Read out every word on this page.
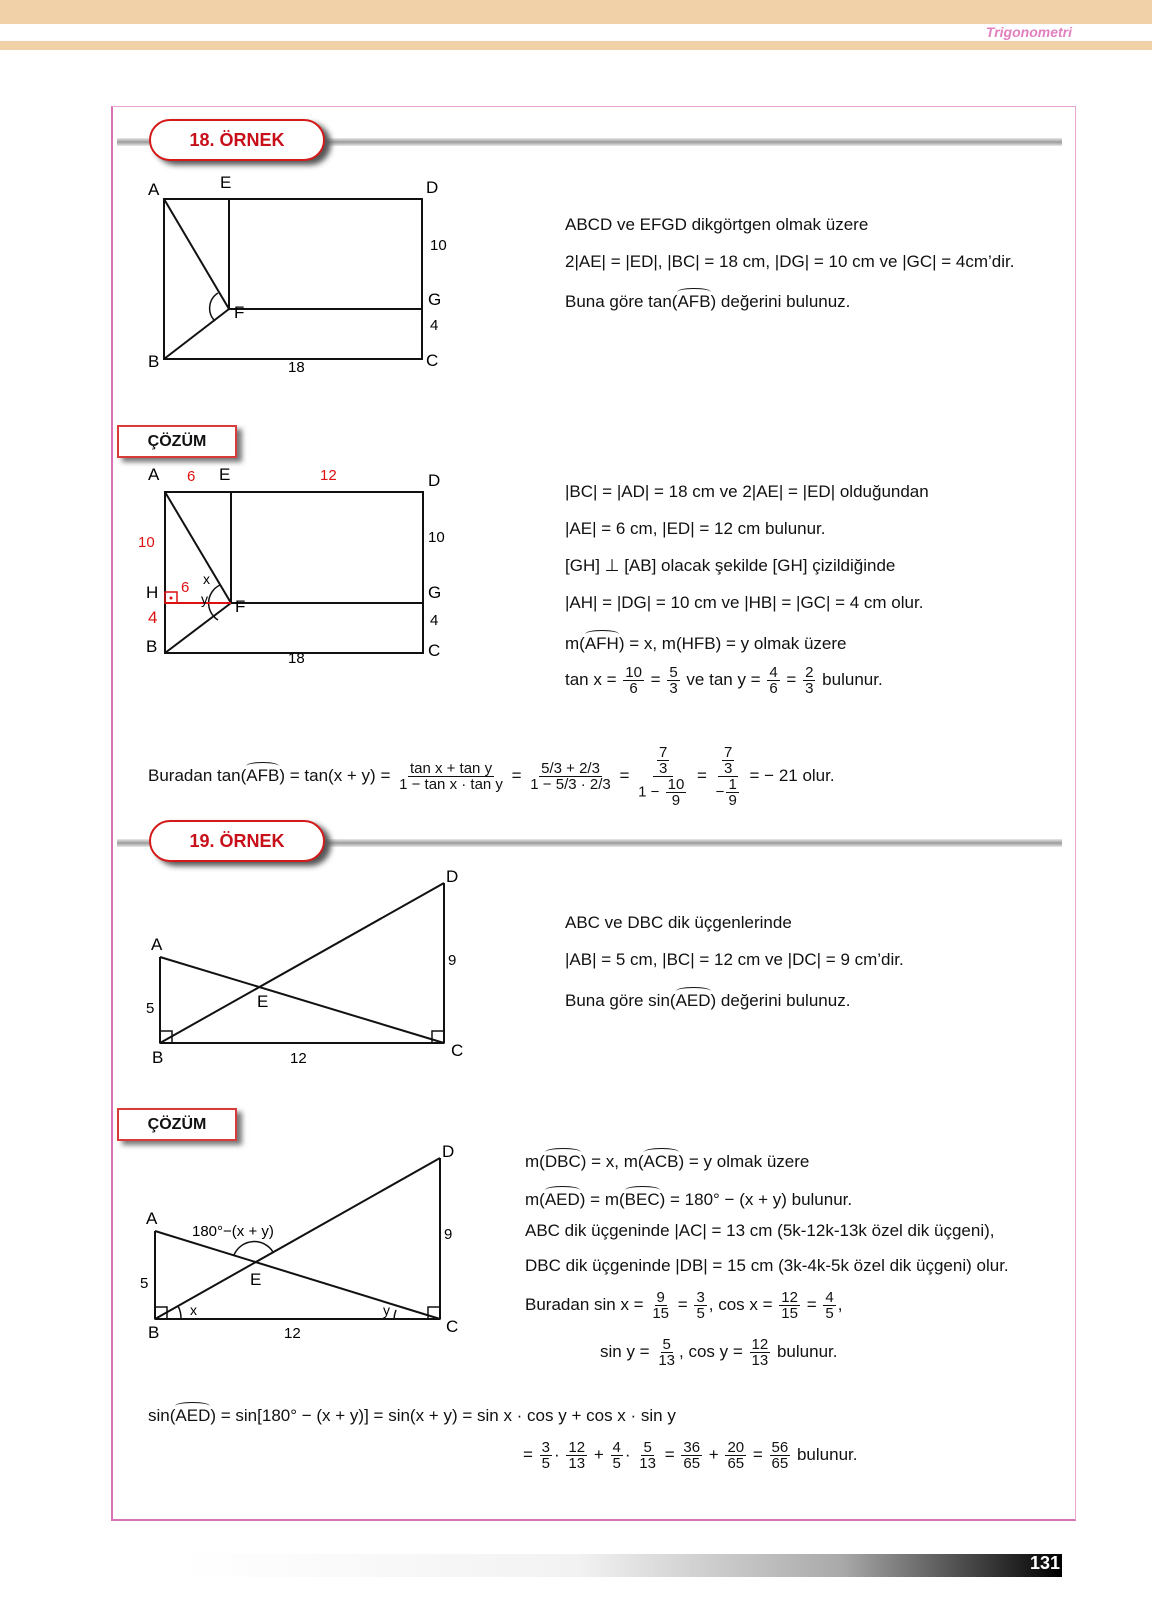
Trigonometri
18. ÖRNEK
A	E	D
10
G
F
4
B	18	C
ABCD ve EFGD dikgörtgen olmak üzere
2|AE| = |ED|, |BC| = 18 cm, |DG| = 10 cm ve |GC| = 4cm’dir.
Buna göre tan(AFB) değerini bulunuz.
ÇÖZÜM
A 6 E	12	D
10	10
6 x
y
H
F
G
4	4
B
18	C
|BC| = |AD| = 18 cm ve 2|AE| = |ED| olduğundan
|AE| = 6 cm, |ED| = 12 cm bulunur.
[GH] ⊥ [AB] olacak şekilde [GH] çizildiğinde
|AH| = |DG| = 10 cm ve |HB| = |GC| = 4 cm olur.
m(AFH) = x, m(HFB) = y olmak üzere
$\tan x = \frac{10}{6} = \frac{5}{3}$ ve $\tan y = \frac{4}{6} = \frac{2}{3}$ bulunur.
Buradan $\tan(AFB) = \tan(x + y) = \frac{\text{tan x + tan y}}{\text{1 − tan x · tan y}} = \frac{5/3 + 2/3}{1 - 5/3 \cdot 2/3} = \frac{\frac{7}{3}}{1 - \frac{10}{9}} = \frac{\frac{7}{3}}{- \frac{1}{9}}$ = − 21 olur.
19. ÖRNEK
A
5	E
D
9
B	12	C
ABC ve DBC dik üçgenlerinde
|AB| = 5 cm, |BC| = 12 cm ve |DC| = 9 cm’dir.
Buna göre sin(AED) değerini bulunuz.
ÇÖZÜM
A
180°−(x + y)
E
5
D
9
x	y
B	12	C
m(DBC) = x, m(ACB) = y olmak üzere
m(AED) = m(BEC) = 180° − (x + y) bulunur.
ABC dik üçgeninde |AC| = 13 cm (5k-12k-13k özel dik üçgeni),
DBC dik üçgeninde |DB| = 15 cm (3k-4k-5k özel dik üçgeni) olur.
Buradan $\sin x = \frac{9}{15} = \frac{3}{5}$ , $\cos x = \frac{12}{15} = \frac{4}{5}$ ,
$\sin y = \frac{5}{13}$ , $\cos y = \frac{12}{13}$ bulunur.
sin(AED) = sin[180° − (x + y)] = sin(x + y) = sin x · cos y + cos x · sin y
= $\frac{3}{5} \cdot \frac{12}{13} + \frac{4}{5} \cdot \frac{5}{13} = \frac{36}{65} + \frac{20}{65} = \frac{56}{65}$ bulunur.
131
